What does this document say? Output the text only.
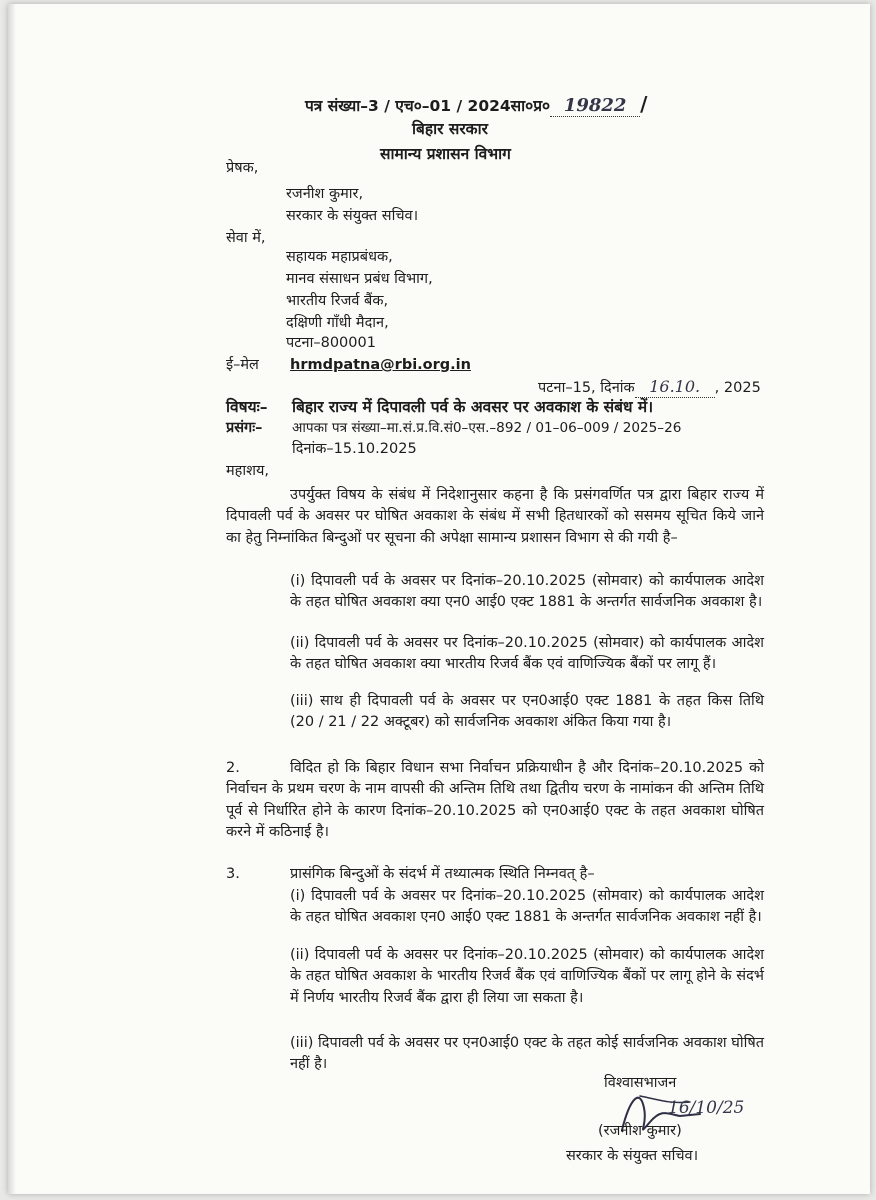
पत्र संख्या–3 / एच०–01 / 2024सा०प्र० 19822 /
बिहार सरकार
सामान्य प्रशासन विभाग
प्रेषक,
रजनीश कुमार,
सरकार के संयुक्त सचिव।
सेवा में,
सहायक महाप्रबंधक,
मानव संसाधन प्रबंध विभाग,
भारतीय रिजर्व बैंक,
दक्षिणी गाँधी मैदान,
पटना–800001
ई–मेल hrmdpatna@rbi.org.in
पटना–15, दिनांक 16.10. , 2025
विषयः– बिहार राज्य में दिपावली पर्व के अवसर पर अवकाश के संबंध में।
प्रसंगः– आपका पत्र संख्या–मा.सं.प्र.वि.सं0–एस.–892 / 01–06–009 / 2025–26
दिनांक–15.10.2025
महाशय,
उपर्युक्त विषय के संबंध में निदेशानुसार कहना है कि प्रसंगवर्णित पत्र द्वारा बिहार राज्य में दिपावली पर्व के अवसर पर घोषित अवकाश के संबंध में सभी हितधारकों को ससमय सूचित किये जाने का हेतु निम्नांकित बिन्दुओं पर सूचना की अपेक्षा सामान्य प्रशासन विभाग से की गयी है–
(i) दिपावली पर्व के अवसर पर दिनांक–20.10.2025 (सोमवार) को कार्यपालक आदेश के तहत घोषित अवकाश क्या एन0 आई0 एक्ट 1881 के अन्तर्गत सार्वजनिक अवकाश है।
(ii) दिपावली पर्व के अवसर पर दिनांक–20.10.2025 (सोमवार) को कार्यपालक आदेश के तहत घोषित अवकाश क्या भारतीय रिजर्व बैंक एवं वाणिज्यिक बैंकों पर लागू हैं।
(iii) साथ ही दिपावली पर्व के अवसर पर एन0आई0 एक्ट 1881 के तहत किस तिथि (20 / 21 / 22 अक्टूबर) को सार्वजनिक अवकाश अंकित किया गया है।
2.	विदित हो कि बिहार विधान सभा निर्वाचन प्रक्रियाधीन है और दिनांक–20.10.2025 को निर्वाचन के प्रथम चरण के नाम वापसी की अन्तिम तिथि तथा द्वितीय चरण के नामांकन की अन्तिम तिथि पूर्व से निर्धारित होने के कारण दिनांक–20.10.2025 को एन0आई0 एक्ट के तहत अवकाश घोषित करने में कठिनाई है।
3.	प्रासंगिक बिन्दुओं के संदर्भ में तथ्यात्मक स्थिति निम्नवत् है–
(i) दिपावली पर्व के अवसर पर दिनांक–20.10.2025 (सोमवार) को कार्यपालक आदेश के तहत घोषित अवकाश एन0 आई0 एक्ट 1881 के अन्तर्गत सार्वजनिक अवकाश नहीं है।
(ii) दिपावली पर्व के अवसर पर दिनांक–20.10.2025 (सोमवार) को कार्यपालक आदेश के तहत घोषित अवकाश के भारतीय रिजर्व बैंक एवं वाणिज्यिक बैंकों पर लागू होने के संदर्भ में निर्णय भारतीय रिजर्व बैंक द्वारा ही लिया जा सकता है।
(iii) दिपावली पर्व के अवसर पर एन0आई0 एक्ट के तहत कोई सार्वजनिक अवकाश घोषित नहीं है।
विश्वासभाजन
16/10/25
(रजनीश कुमार)
सरकार के संयुक्त सचिव।
